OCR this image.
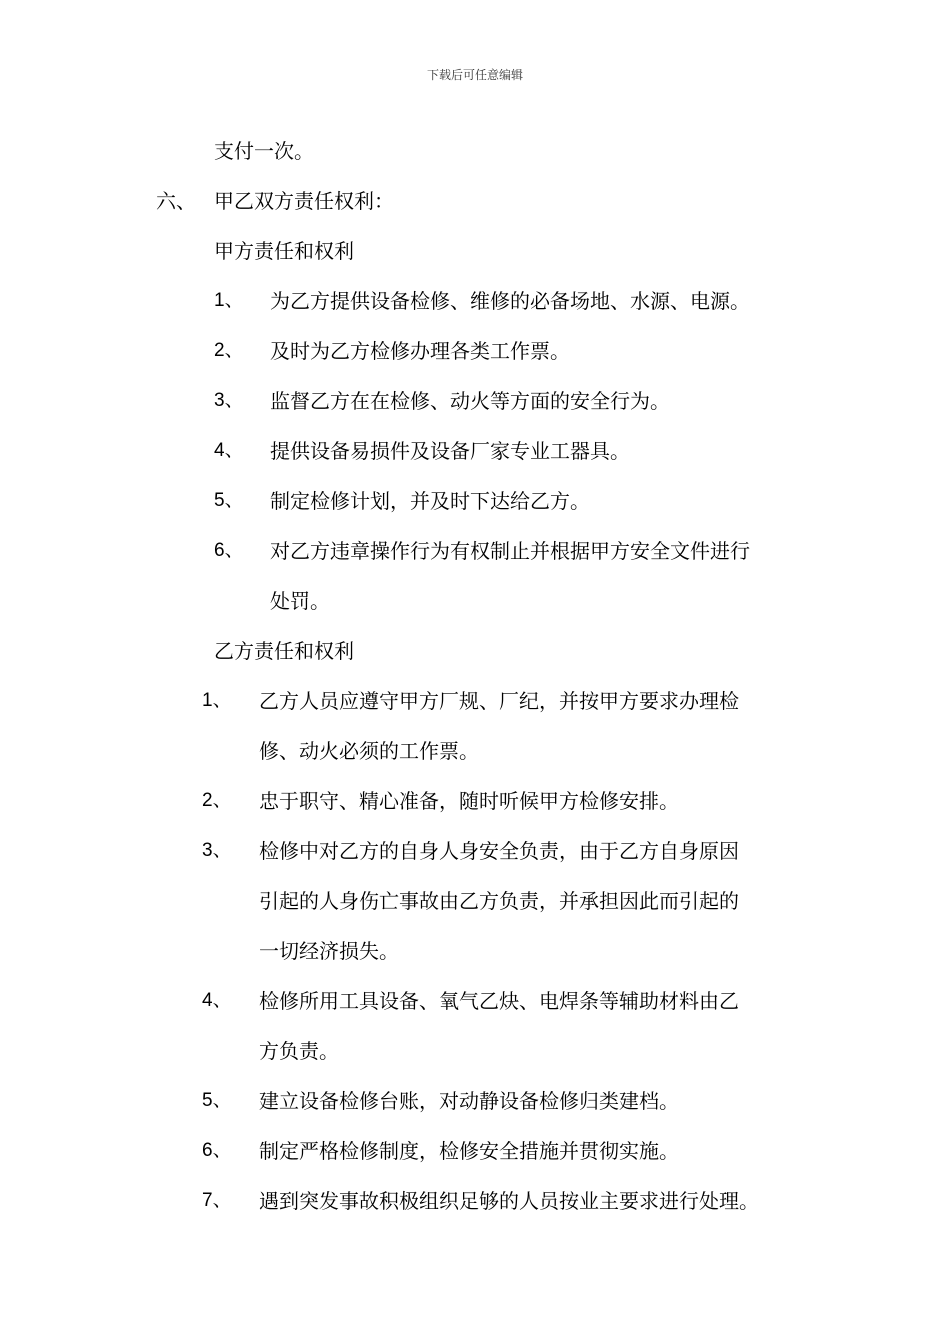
下载后可任意编辑
支付一次。
六、 甲乙双方责任权利：
甲方责任和权利
1、 为乙方提供设备检修、维修的必备场地、水源、电源。
2、 及时为乙方检修办理各类工作票。
3、 监督乙方在在检修、动火等方面的安全行为。
4、 提供设备易损件及设备厂家专业工器具。
5、 制定检修计划，并及时下达给乙方。
6、 对乙方违章操作行为有权制止并根据甲方安全文件进行
处罚。
乙方责任和权利
1、 乙方人员应遵守甲方厂规、厂纪，并按甲方要求办理检
修、动火必须的工作票。
2、 忠于职守、精心准备，随时听候甲方检修安排。
3、 检修中对乙方的自身人身安全负责，由于乙方自身原因
引起的人身伤亡事故由乙方负责，并承担因此而引起的
一切经济损失。
4、 检修所用工具设备、氧气乙炔、电焊条等辅助材料由乙
方负责。
5、 建立设备检修台账，对动静设备检修归类建档。
6、 制定严格检修制度，检修安全措施并贯彻实施。
7、 遇到突发事故积极组织足够的人员按业主要求进行处理。
